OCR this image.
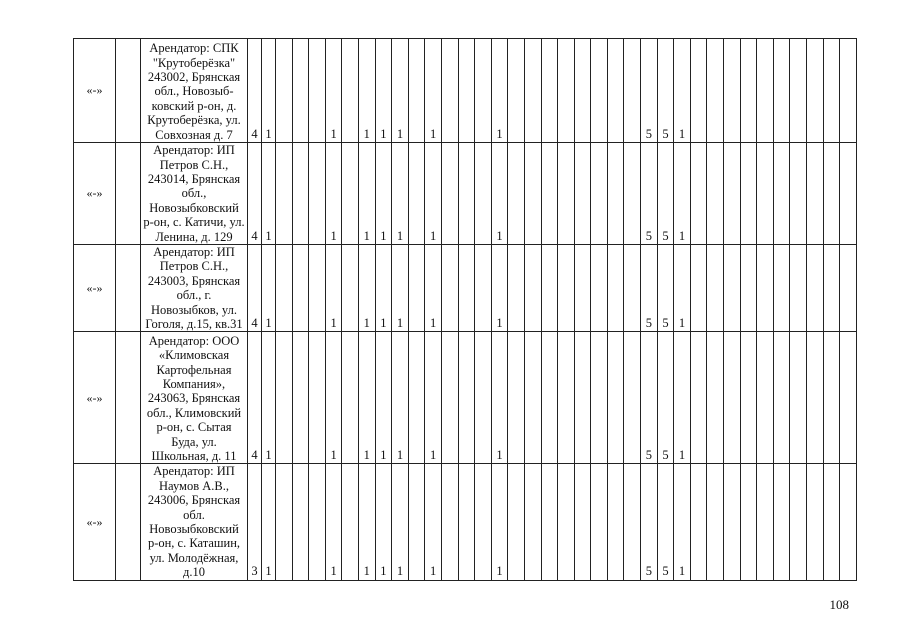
«-»		Арендатор: СПК "Крутоберёзка" 243002, Брянская обл., Новозыб-ковский р-он, д. Крутоберёзка, ул. Совхозная д. 7	4	1				1		1	1	1		1				1									5	5	1										
«-»		Арендатор: ИП Петров С.Н., 243014, Брянская обл., Новозыбковский р-он, с. Катичи, ул. Ленина, д. 129	4	1				1		1	1	1		1				1									5	5	1										
«-»		Арендатор: ИП Петров С.Н., 243003, Брянская обл., г. Новозыбков, ул. Гоголя, д.15, кв.31	4	1				1		1	1	1		1				1									5	5	1										
«-»		Арендатор: ООО «Климовская Картофельная Компания», 243063, Брянская обл., Климовский р-он, с. Сытая Буда, ул. Школьная, д. 11	4	1				1		1	1	1		1				1									5	5	1										
«-»		Арендатор: ИП Наумов А.В., 243006, Брянская обл. Новозыбковский р-он, с. Каташин, ул. Молодёжная, д.10	3	1				1		1	1	1		1				1									5	5	1										
108
